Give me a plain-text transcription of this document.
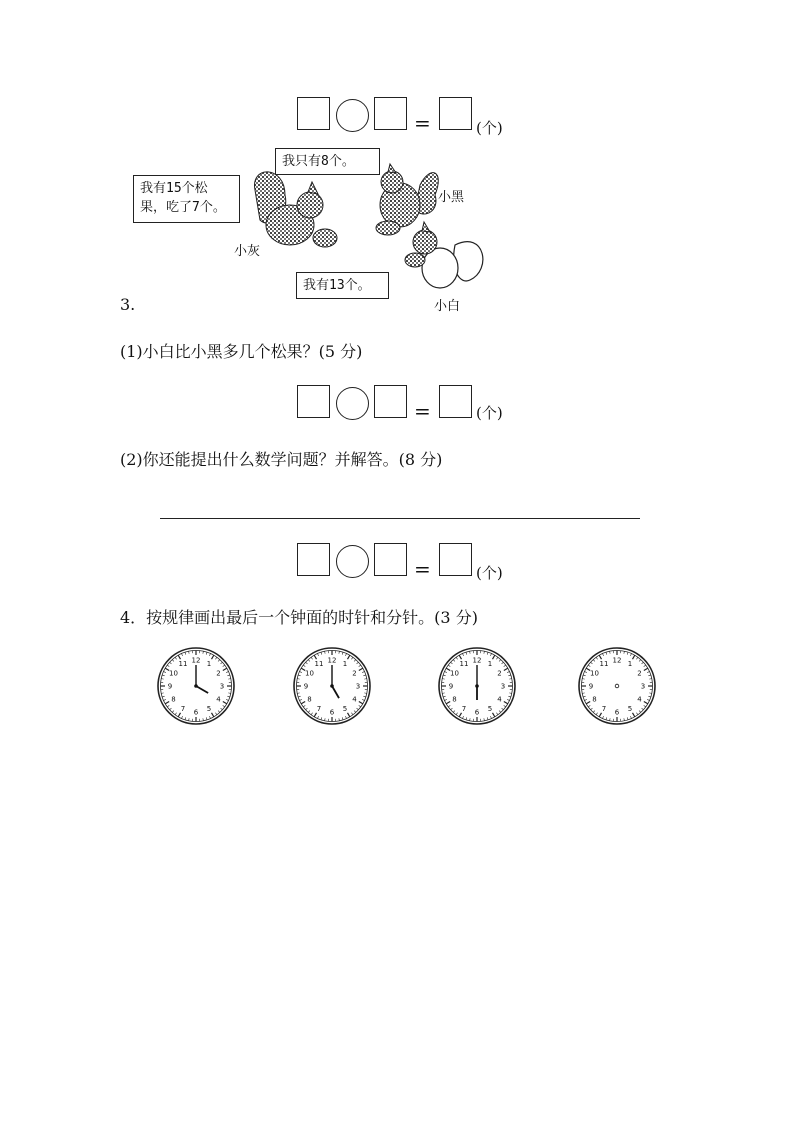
=	(个)
我有15个松果，吃了7个。
我只有8个。
我有13个。
小灰
小黑
小白
3.
(1)小白比小黑多几个松果？(5 分)
=	(个)
(2)你还能提出什么数学问题？并解答。(8 分)
=	(个)
4．按规律画出最后一个钟面的时针和分针。(3 分)
12 1
2
3
4
5
6
7
8
9
10
11	12 1
2
3
4
5
6
7
8
9
10
11	12 1
2
3
4
5
6
7
8
9
10
11	12 1
2
3
4
5
6
7
8
9
10
11
